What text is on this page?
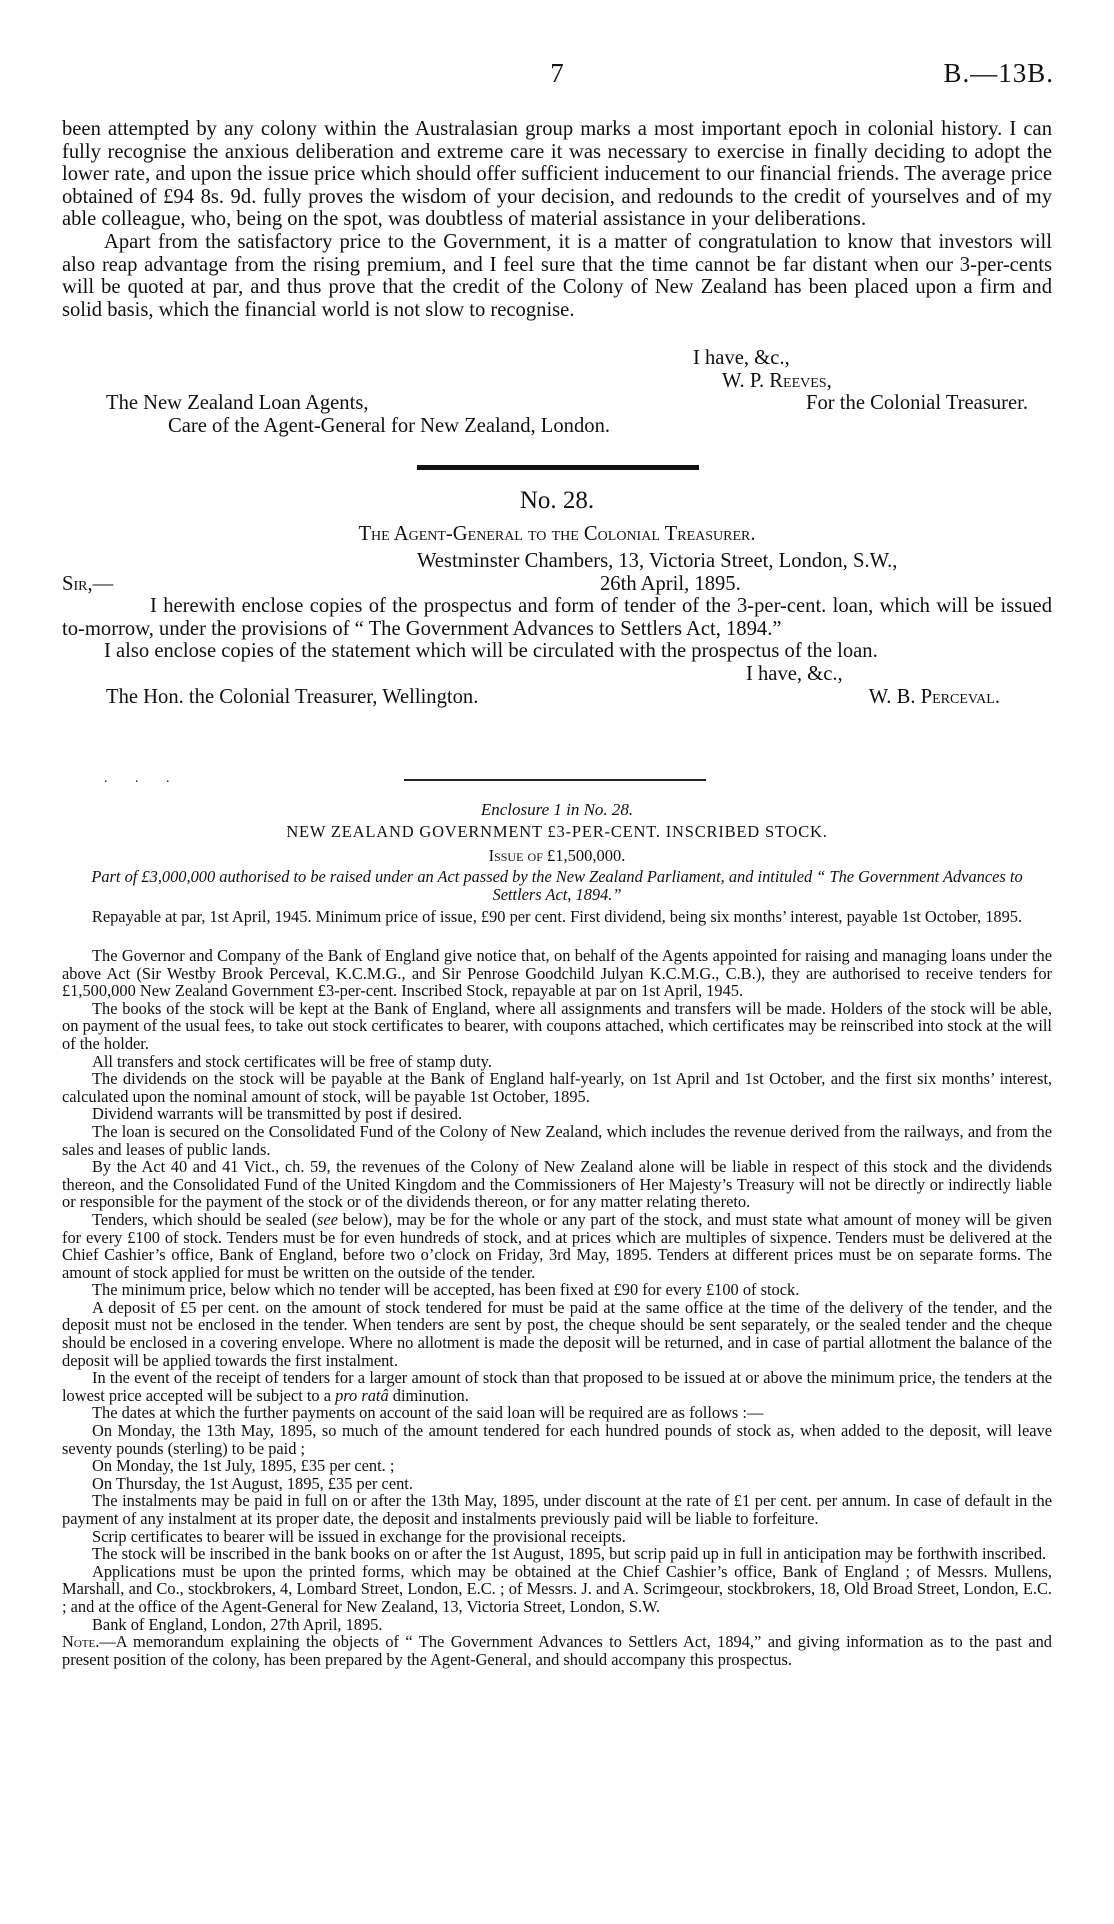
7	B.—13B.

been attempted by any colony within the Australasian group marks a most important epoch in colonial history. I can fully recognise the anxious deliberation and extreme care it was necessary to exercise in finally deciding to adopt the lower rate, and upon the issue price which should offer sufficient inducement to our financial friends. The average price obtained of £94 8s. 9d. fully proves the wisdom of your decision, and redounds to the credit of yourselves and of my able colleague, who, being on the spot, was doubtless of material assistance in your deliberations.

Apart from the satisfactory price to the Government, it is a matter of congratulation to know that investors will also reap advantage from the rising premium, and I feel sure that the time cannot be far distant when our 3-per-cents will be quoted at par, and thus prove that the credit of the Colony of New Zealand has been placed upon a firm and solid basis, which the financial world is not slow to recognise.

I have, &c.,
W. P. Reeves,
The New Zealand Loan Agents,	For the Colonial Treasurer.
Care of the Agent-General for New Zealand, London.
No. 28.
The Agent-General to the Colonial Treasurer.
Westminster Chambers, 13, Victoria Street, London, S.W.,
Sir,—	26th April, 1895.

I herewith enclose copies of the prospectus and form of tender of the 3-per-cent. loan, which will be issued to-morrow, under the provisions of “ The Government Advances to Settlers Act, 1894.”

I also enclose copies of the statement which will be circulated with the prospectus of the loan.

I have, &c.,
The Hon. the Colonial Treasurer, Wellington.	W. B. Perceval.
. . .
Enclosure 1 in No. 28.
NEW ZEALAND GOVERNMENT £3-PER-CENT. INSCRIBED STOCK.
Issue of £1,500,000.
Part of £3,000,000 authorised to be raised under an Act passed by the New Zealand Parliament, and intituled “ The Government Advances to Settlers Act, 1894.”
Repayable at par, 1st April, 1945. Minimum price of issue, £90 per cent. First dividend, being six months’ interest, payable 1st October, 1895.

The Governor and Company of the Bank of England give notice that, on behalf of the Agents appointed for raising and managing loans under the above Act (Sir Westby Brook Perceval, K.C.M.G., and Sir Penrose Goodchild Julyan K.C.M.G., C.B.), they are authorised to receive tenders for £1,500,000 New Zealand Government £3-per-cent. Inscribed Stock, repayable at par on 1st April, 1945.

The books of the stock will be kept at the Bank of England, where all assignments and transfers will be made. Holders of the stock will be able, on payment of the usual fees, to take out stock certificates to bearer, with coupons attached, which certificates may be reinscribed into stock at the will of the holder.

All transfers and stock certificates will be free of stamp duty.

The dividends on the stock will be payable at the Bank of England half-yearly, on 1st April and 1st October, and the first six months’ interest, calculated upon the nominal amount of stock, will be payable 1st October, 1895.

Dividend warrants will be transmitted by post if desired.

The loan is secured on the Consolidated Fund of the Colony of New Zealand, which includes the revenue derived from the railways, and from the sales and leases of public lands.

By the Act 40 and 41 Vict., ch. 59, the revenues of the Colony of New Zealand alone will be liable in respect of this stock and the dividends thereon, and the Consolidated Fund of the United Kingdom and the Commissioners of Her Majesty’s Treasury will not be directly or indirectly liable or responsible for the payment of the stock or of the dividends thereon, or for any matter relating thereto.

Tenders, which should be sealed (see below), may be for the whole or any part of the stock, and must state what amount of money will be given for every £100 of stock. Tenders must be for even hundreds of stock, and at prices which are multiples of sixpence. Tenders must be delivered at the Chief Cashier’s office, Bank of England, before two o’clock on Friday, 3rd May, 1895. Tenders at different prices must be on separate forms. The amount of stock applied for must be written on the outside of the tender.

The minimum price, below which no tender will be accepted, has been fixed at £90 for every £100 of stock.

A deposit of £5 per cent. on the amount of stock tendered for must be paid at the same office at the time of the delivery of the tender, and the deposit must not be enclosed in the tender. When tenders are sent by post, the cheque should be sent separately, or the sealed tender and the cheque should be enclosed in a covering envelope. Where no allotment is made the deposit will be returned, and in case of partial allotment the balance of the deposit will be applied towards the first instalment.

In the event of the receipt of tenders for a larger amount of stock than that proposed to be issued at or above the minimum price, the tenders at the lowest price accepted will be subject to a pro ratâ diminution.

The dates at which the further payments on account of the said loan will be required are as follows :—

On Monday, the 13th May, 1895, so much of the amount tendered for each hundred pounds of stock as, when added to the deposit, will leave seventy pounds (sterling) to be paid ;

On Monday, the 1st July, 1895, £35 per cent. ;

On Thursday, the 1st August, 1895, £35 per cent.

The instalments may be paid in full on or after the 13th May, 1895, under discount at the rate of £1 per cent. per annum. In case of default in the payment of any instalment at its proper date, the deposit and instalments previously paid will be liable to forfeiture.

Scrip certificates to bearer will be issued in exchange for the provisional receipts.

The stock will be inscribed in the bank books on or after the 1st August, 1895, but scrip paid up in full in anticipation may be forthwith inscribed.

Applications must be upon the printed forms, which may be obtained at the Chief Cashier’s office, Bank of England ; of Messrs. Mullens, Marshall, and Co., stockbrokers, 4, Lombard Street, London, E.C. ; of Messrs. J. and A. Scrimgeour, stockbrokers, 18, Old Broad Street, London, E.C. ; and at the office of the Agent-General for New Zealand, 13, Victoria Street, London, S.W.

Bank of England, London, 27th April, 1895.

Note.—A memorandum explaining the objects of “ The Government Advances to Settlers Act, 1894,” and giving information as to the past and present position of the colony, has been prepared by the Agent-General, and should accompany this prospectus.
